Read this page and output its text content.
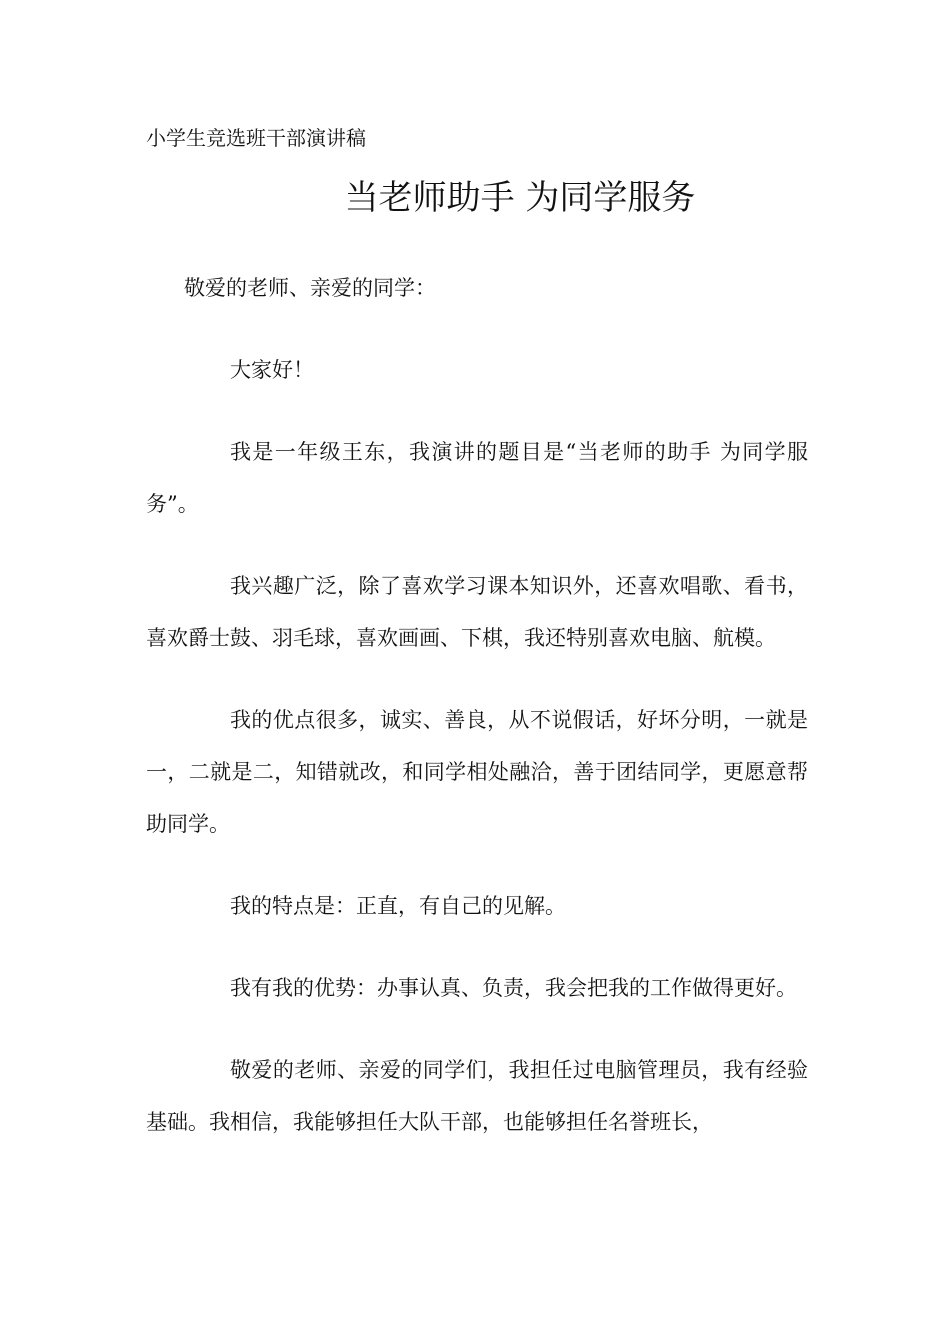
小学生竞选班干部演讲稿

当老师助手 为同学服务

敬爱的老师、亲爱的同学：

大家好！

我是一年级王东，我演讲的题目是“当老师的助手 为同学服务”。

我兴趣广泛，除了喜欢学习课本知识外，还喜欢唱歌、看书，喜欢爵士鼓、羽毛球，喜欢画画、下棋，我还特别喜欢电脑、航模。

我的优点很多，诚实、善良，从不说假话，好坏分明，一就是一，二就是二，知错就改，和同学相处融洽，善于团结同学，更愿意帮助同学。

我的特点是：正直，有自己的见解。

我有我的优势：办事认真、负责，我会把我的工作做得更好。

敬爱的老师、亲爱的同学们，我担任过电脑管理员，我有经验基础。我相信，我能够担任大队干部，也能够担任名誉班长，
